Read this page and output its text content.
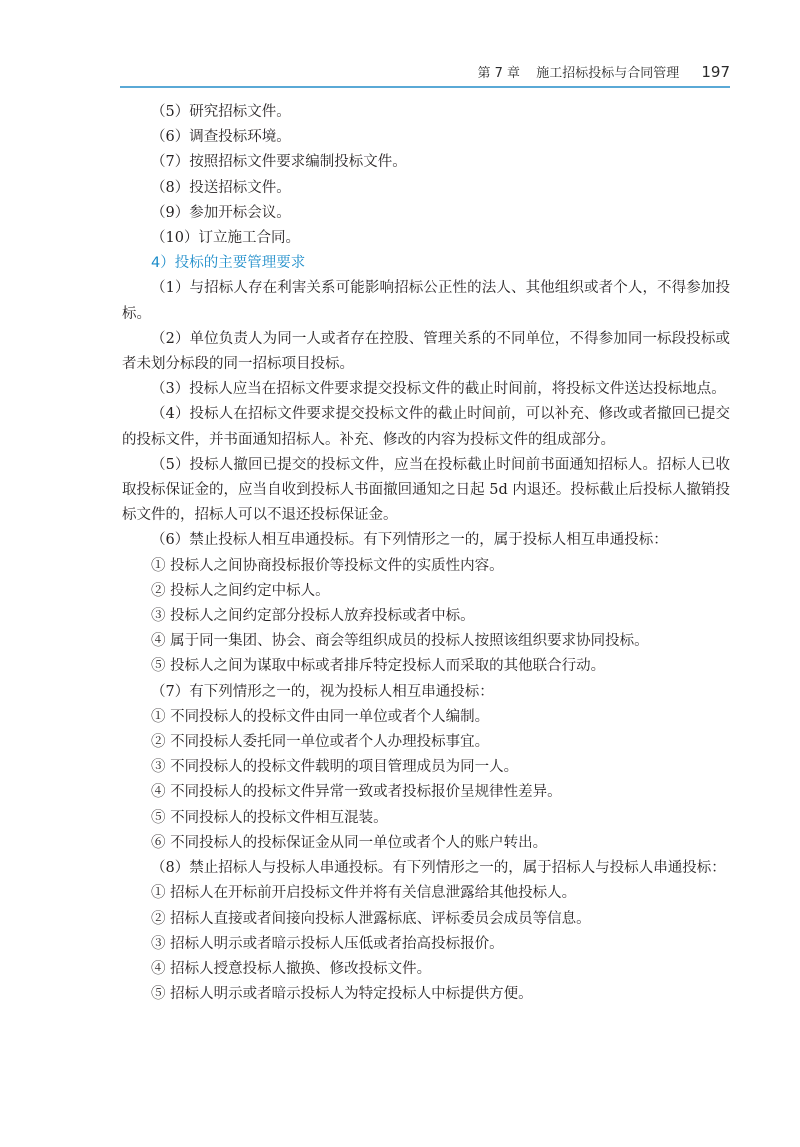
第 7 章 施工招标投标与合同管理 197
（5）研究招标文件。
（6）调查投标环境。
（7）按照招标文件要求编制投标文件。
（8）投送招标文件。
（9）参加开标会议。
（10）订立施工合同。
4）投标的主要管理要求
（1）与招标人存在利害关系可能影响招标公正性的法人、其他组织或者个人，不得参加投标。
（2）单位负责人为同一人或者存在控股、管理关系的不同单位，不得参加同一标段投标或者未划分标段的同一招标项目投标。
（3）投标人应当在招标文件要求提交投标文件的截止时间前，将投标文件送达投标地点。
（4）投标人在招标文件要求提交投标文件的截止时间前，可以补充、修改或者撤回已提交的投标文件，并书面通知招标人。补充、修改的内容为投标文件的组成部分。
（5）投标人撤回已提交的投标文件，应当在投标截止时间前书面通知招标人。招标人已收取投标保证金的，应当自收到投标人书面撤回通知之日起 5d 内退还。投标截止后投标人撤销投标文件的，招标人可以不退还投标保证金。
（6）禁止投标人相互串通投标。有下列情形之一的，属于投标人相互串通投标：
① 投标人之间协商投标报价等投标文件的实质性内容。
② 投标人之间约定中标人。
③ 投标人之间约定部分投标人放弃投标或者中标。
④ 属于同一集团、协会、商会等组织成员的投标人按照该组织要求协同投标。
⑤ 投标人之间为谋取中标或者排斥特定投标人而采取的其他联合行动。
（7）有下列情形之一的，视为投标人相互串通投标：
① 不同投标人的投标文件由同一单位或者个人编制。
② 不同投标人委托同一单位或者个人办理投标事宜。
③ 不同投标人的投标文件载明的项目管理成员为同一人。
④ 不同投标人的投标文件异常一致或者投标报价呈规律性差异。
⑤ 不同投标人的投标文件相互混装。
⑥ 不同投标人的投标保证金从同一单位或者个人的账户转出。
（8）禁止招标人与投标人串通投标。有下列情形之一的，属于招标人与投标人串通投标：
① 招标人在开标前开启投标文件并将有关信息泄露给其他投标人。
② 招标人直接或者间接向投标人泄露标底、评标委员会成员等信息。
③ 招标人明示或者暗示投标人压低或者抬高投标报价。
④ 招标人授意投标人撤换、修改投标文件。
⑤ 招标人明示或者暗示投标人为特定投标人中标提供方便。
